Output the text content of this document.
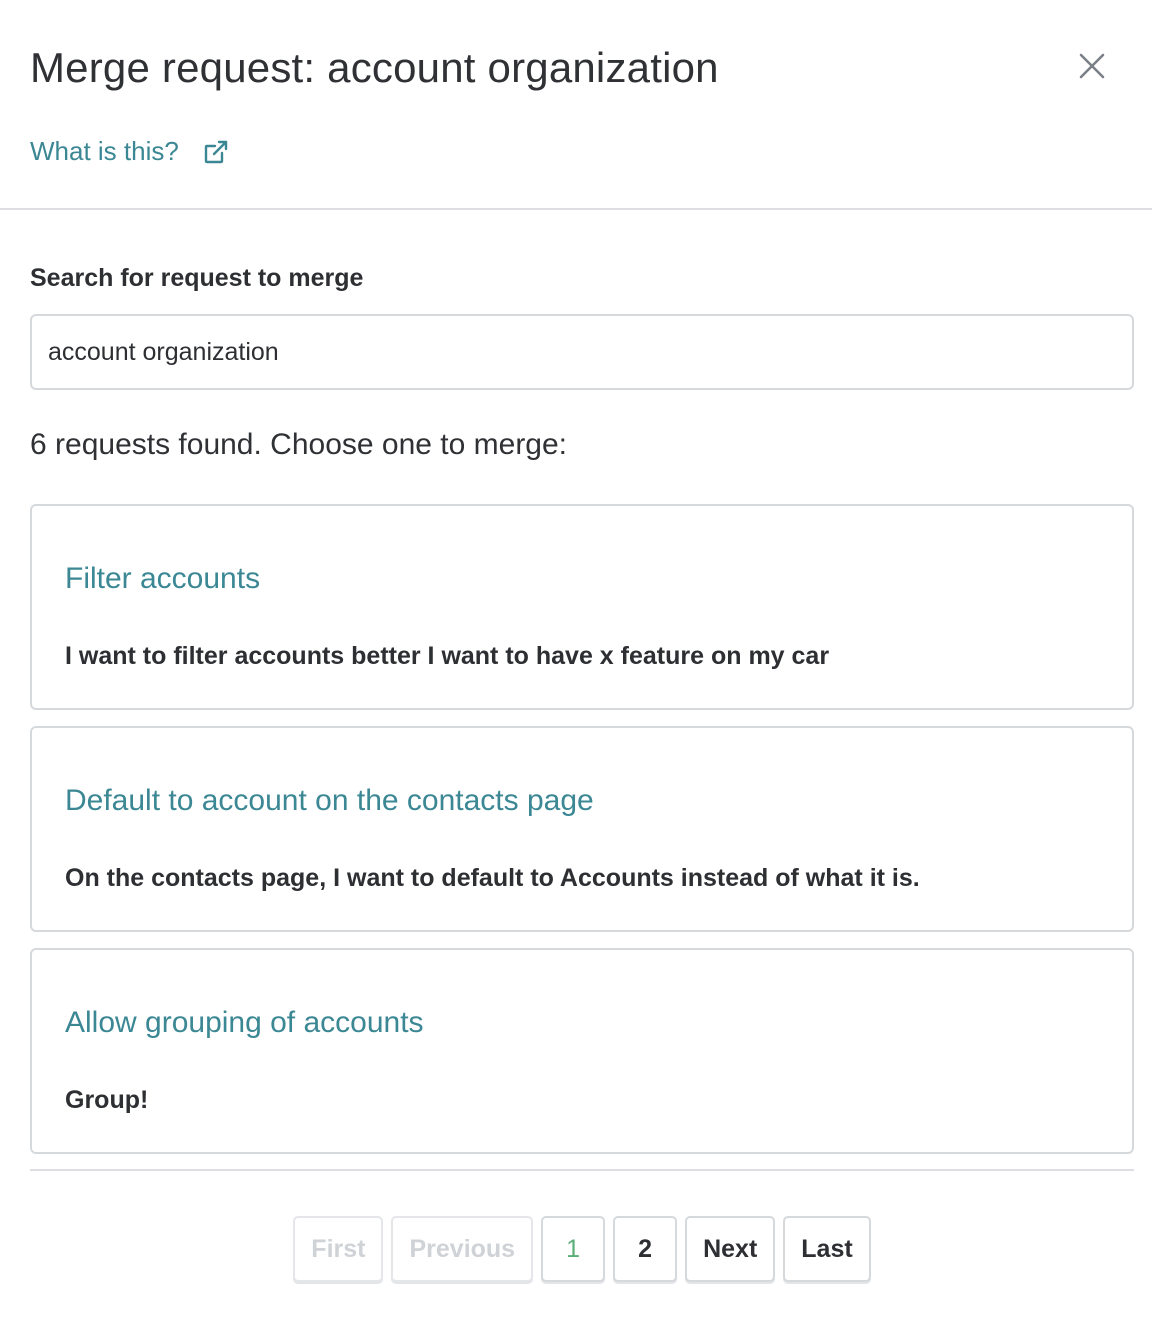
Merge request: account organization
What is this?
Search for request to merge
account organization

6 requests found. Choose one to merge:

Filter accounts

I want to filter accounts better I want to have x feature on my car

Default to account on the contacts page

On the contacts page, I want to default to Accounts instead of what it is.

Allow grouping of accounts

Group!

First	Previous	1	2	Next	Last
